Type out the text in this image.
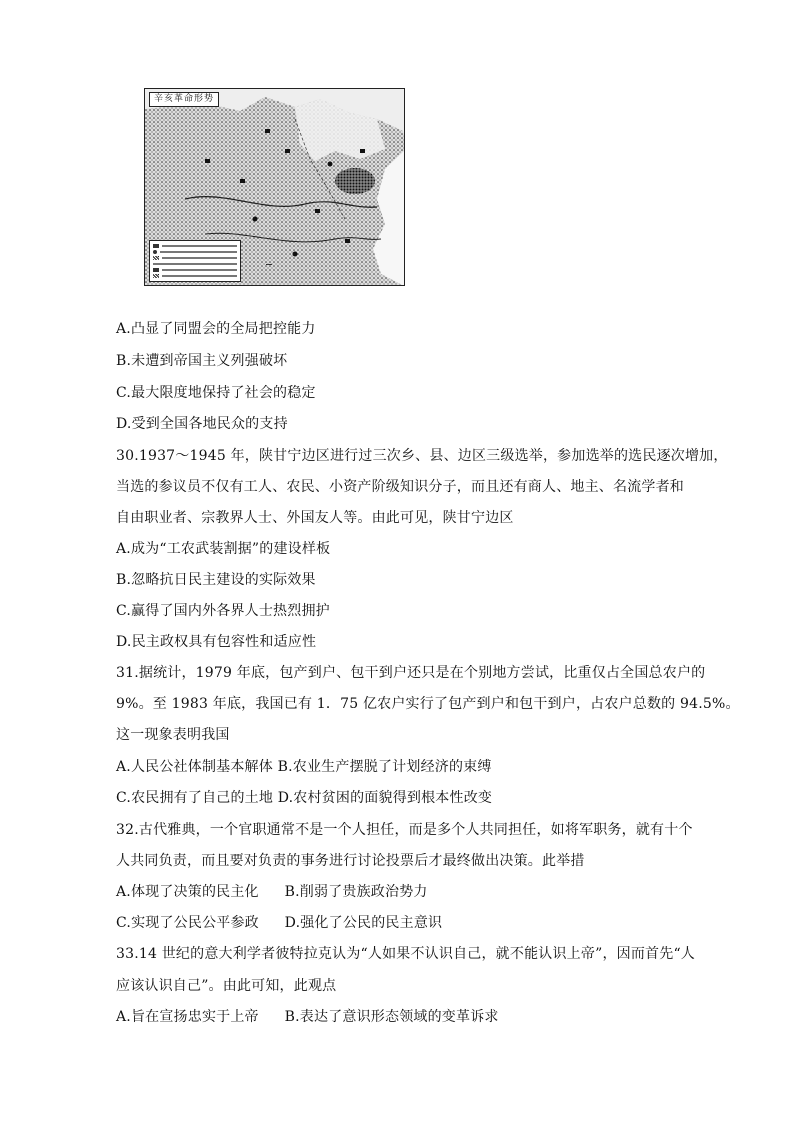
辛亥革命形势
A.凸显了同盟会的全局把控能力
B.未遭到帝国主义列强破坏
C.最大限度地保持了社会的稳定
D.受到全国各地民众的支持
30.1937～1945 年，陕甘宁边区进行过三次乡、县、边区三级选举，参加选举的选民逐次增加，
当选的参议员不仅有工人、农民、小资产阶级知识分子，而且还有商人、地主、名流学者和
自由职业者、宗教界人士、外国友人等。由此可见，陕甘宁边区
A.成为“工农武装割据”的建设样板
B.忽略抗日民主建设的实际效果
C.赢得了国内外各界人士热烈拥护
D.民主政权具有包容性和适应性
31.据统计，1979 年底，包产到户、包干到户还只是在个别地方尝试，比重仅占全国总农户的
9%。至 1983 年底，我国已有 1．75 亿农户实行了包产到户和包干到户，占农户总数的 94.5%。
这一现象表明我国
A.人民公社体制基本解体 B.农业生产摆脱了计划经济的束缚
C.农民拥有了自己的土地 D.农村贫困的面貌得到根本性改变
32.古代雅典，一个官职通常不是一个人担任，而是多个人共同担任，如将军职务，就有十个
人共同负责，而且要对负责的事务进行讨论投票后才最终做出决策。此举措
A.体现了决策的民主化 B.削弱了贵族政治势力
C.实现了公民公平参政 D.强化了公民的民主意识
33.14 世纪的意大利学者彼特拉克认为“人如果不认识自己，就不能认识上帝”，因而首先“人
应该认识自己”。由此可知，此观点
A.旨在宣扬忠实于上帝 B.表达了意识形态领域的变革诉求
